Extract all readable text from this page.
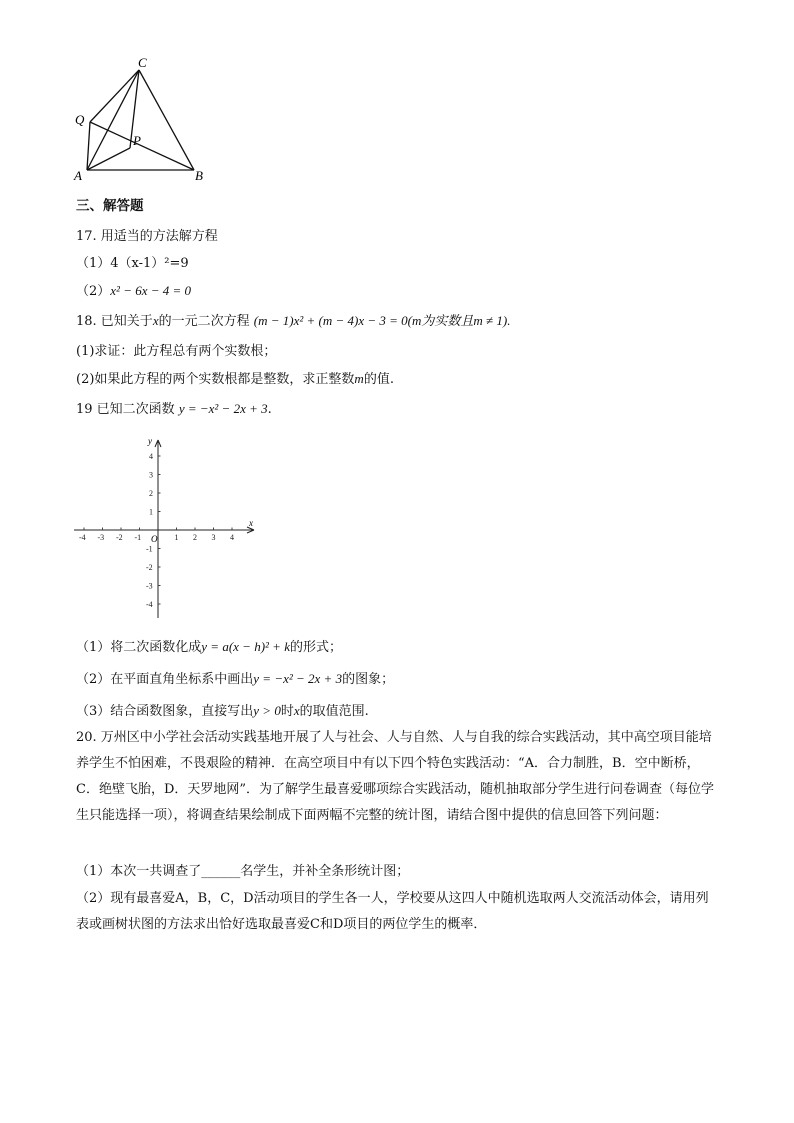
C
Q
P
A	B
三、解答题
17. 用适当的方法解方程
（1）4（x-1）²=9
（2）x² − 6x − 4 = 0
18. 已知关于x的一元二次方程 (m − 1)x² + (m − 4)x − 3 = 0(m为实数且m ≠ 1).
(1)求证：此方程总有两个实数根；
(2)如果此方程的两个实数根都是整数，求正整数m的值.
19 已知二次函数 y = −x² − 2x + 3.
-4 -3 -2 -1	1 2 3 4
4
3
2
1
-1
-2
-3
-4
x
y
O
（1）将二次函数化成y = a(x − h)² + k的形式；
（2）在平面直角坐标系中画出y = −x² − 2x + 3的图象；
（3）结合函数图象，直接写出y > 0时x的取值范围.
20. 万州区中小学社会活动实践基地开展了人与社会、人与自然、人与自我的综合实践活动，其中高空项目能培养学生不怕困难，不畏艰险的精神．在高空项目中有以下四个特色实践活动：“A．合力制胜，B．空中断桥，C．绝壁飞胎，D．天罗地网”．为了解学生最喜爱哪项综合实践活动，随机抽取部分学生进行问卷调查（每位学生只能选择一项），将调查结果绘制成下面两幅不完整的统计图，请结合图中提供的信息回答下列问题：
（1）本次一共调查了______名学生，并补全条形统计图；
（2）现有最喜爱A，B，C，D活动项目的学生各一人，学校要从这四人中随机选取两人交流活动体会，请用列表或画树状图的方法求出恰好选取最喜爱C和D项目的两位学生的概率．
